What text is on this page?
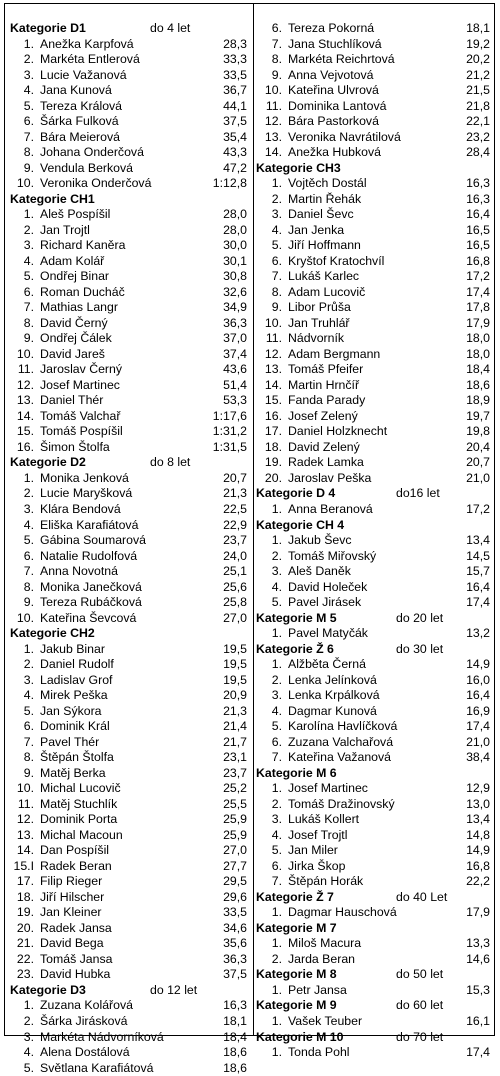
Kategorie D1	do 4 let
1. Anežka Karpfová	28,3
2. Markéta Entlerová	33,3
3. Lucie Važanová	33,5
4. Jana Kunová	36,7
5. Tereza Králová	44,1
6. Šárka Fulková	37,5
7. Bára Meierová	35,4
8. Johana Onderčová	43,3
9. Vendula Berková	47,2
10. Veronika Onderčová	1:12,8
Kategorie CH1
1. Aleš Pospíšil	28,0
2. Jan Trojtl	28,0
3. Richard Kaněra	30,0
4. Adam Kolář	30,1
5. Ondřej Binar	30,8
6. Roman Ducháč	32,6
7. Mathias Langr	34,9
8. David Černý	36,3
9. Ondřej Čálek	37,0
10. David Jareš	37,4
11. Jaroslav Černý	43,6
12. Josef Martinec	51,4
13. Daniel Thér	53,3
14. Tomáš Valchař	1:17,6
15. Tomáš Pospíšil	1:31,2
16. Šimon Štolfa	1:31,5
Kategorie D2	do 8 let
1. Monika Jenková	20,7
2. Lucie Maryšková	21,3
3. Klára Bendová	22,5
4. Eliška Karafiátová	22,9
5. Gábina Soumarová	23,7
6. Natalie Rudolfová	24,0
7. Anna Novotná	25,1
8. Monika Janečková	25,6
9. Tereza Rubáčková	25,8
10. Kateřina Ševcová	27,0
Kategorie CH2
1. Jakub Binar	19,5
2. Daniel Rudolf	19,5
3. Ladislav Grof	19,5
4. Mirek Peška	20,9
5. Jan Sýkora	21,3
6. Dominik Král	21,4
7. Pavel Thér	21,7
8. Štěpán Štolfa	23,1
9. Matěj Berka	23,7
10. Michal Lucovič	25,2
11. Matěj Stuchlík	25,5
12. Dominik Porta	25,9
13. Michal Macoun	25,9
14. Dan Pospíšil	27,0
15.I Radek Beran	27,7
17. Filip Rieger	29,5
18. Jiří Hilscher	29,6
19. Jan Kleiner	33,5
20. Radek Jansa	34,6
21. David Bega	35,6
22. Tomáš Jansa	36,3
23. David Hubka	37,5
Kategorie D3	do 12 let
1. Zuzana Kolářová	16,3
2. Šárka Jirásková	18,1
3. Markéta Nádvorníková	18,4
4. Alena Dostálová	18,6
5. Světlana Karafiátová	18,6
6. Tereza Pokorná	18,1
7. Jana Stuchlíková	19,2
8. Markéta Reichrtová	20,2
9. Anna Vejvotová	21,2
10. Kateřina Ulvrová	21,5
11. Dominika Lantová	21,8
12. Bára Pastorková	22,1
13. Veronika Navrátilová	23,2
14. Anežka Hubková	28,4
Kategorie CH3
1. Vojtěch Dostál	16,3
2. Martin Řehák	16,3
3. Daniel Ševc	16,4
4. Jan Jenka	16,5
5. Jiří Hoffmann	16,5
6. Kryštof Kratochvíl	16,8
7. Lukáš Karlec	17,2
8. Adam Lucovič	17,4
9. Libor Průša	17,8
10. Jan Truhlář	17,9
11. Nádvorník	18,0
12. Adam Bergmann	18,0
13. Tomáš Pfeifer	18,4
14. Martin Hrnčíř	18,6
15. Fanda Parady	18,9
16. Josef Zelený	19,7
17. Daniel Holzknecht	19,8
18. David Zelený	20,4
19. Radek Lamka	20,7
20. Jaroslav Peška	21,0
Kategorie D 4	do16 let
1. Anna Beranová	17,2
Kategorie CH 4
1. Jakub Ševc	13,4
2. Tomáš Miřovský	14,5
3. Aleš Daněk	15,7
4. David Holeček	16,4
5. Pavel Jirásek	17,4
Kategorie M 5	do 20 let
1. Pavel Matyčák	13,2
Kategorie Ž 6	do 30 let
1. Alžběta Černá	14,9
2. Lenka Jelínková	16,0
3. Lenka Krpálková	16,4
4. Dagmar Kunová	16,9
5. Karolína Havlíčková	17,4
6. Zuzana Valchařová	21,0
7. Kateřina Važanová	38,4
Kategorie M 6
1. Josef Martinec	12,9
2. Tomáš Dražinovský	13,0
3. Lukáš Kollert	13,4
4. Josef Trojtl	14,8
5. Jan Miler	14,9
6. Jirka Škop	16,8
7. Štěpán Horák	22,2
Kategorie Ž 7	do 40 Let
1. Dagmar Hauschová	17,9
Kategorie M 7
1. Miloš Macura	13,3
2. Jarda Beran	14,6
Kategorie M 8	do 50 let
1. Petr Jansa	15,3
Kategorie M 9	do 60 let
1. Vašek Teuber	16,1
Kategorie M 10	do 70 let
1. Tonda Pohl	17,4
